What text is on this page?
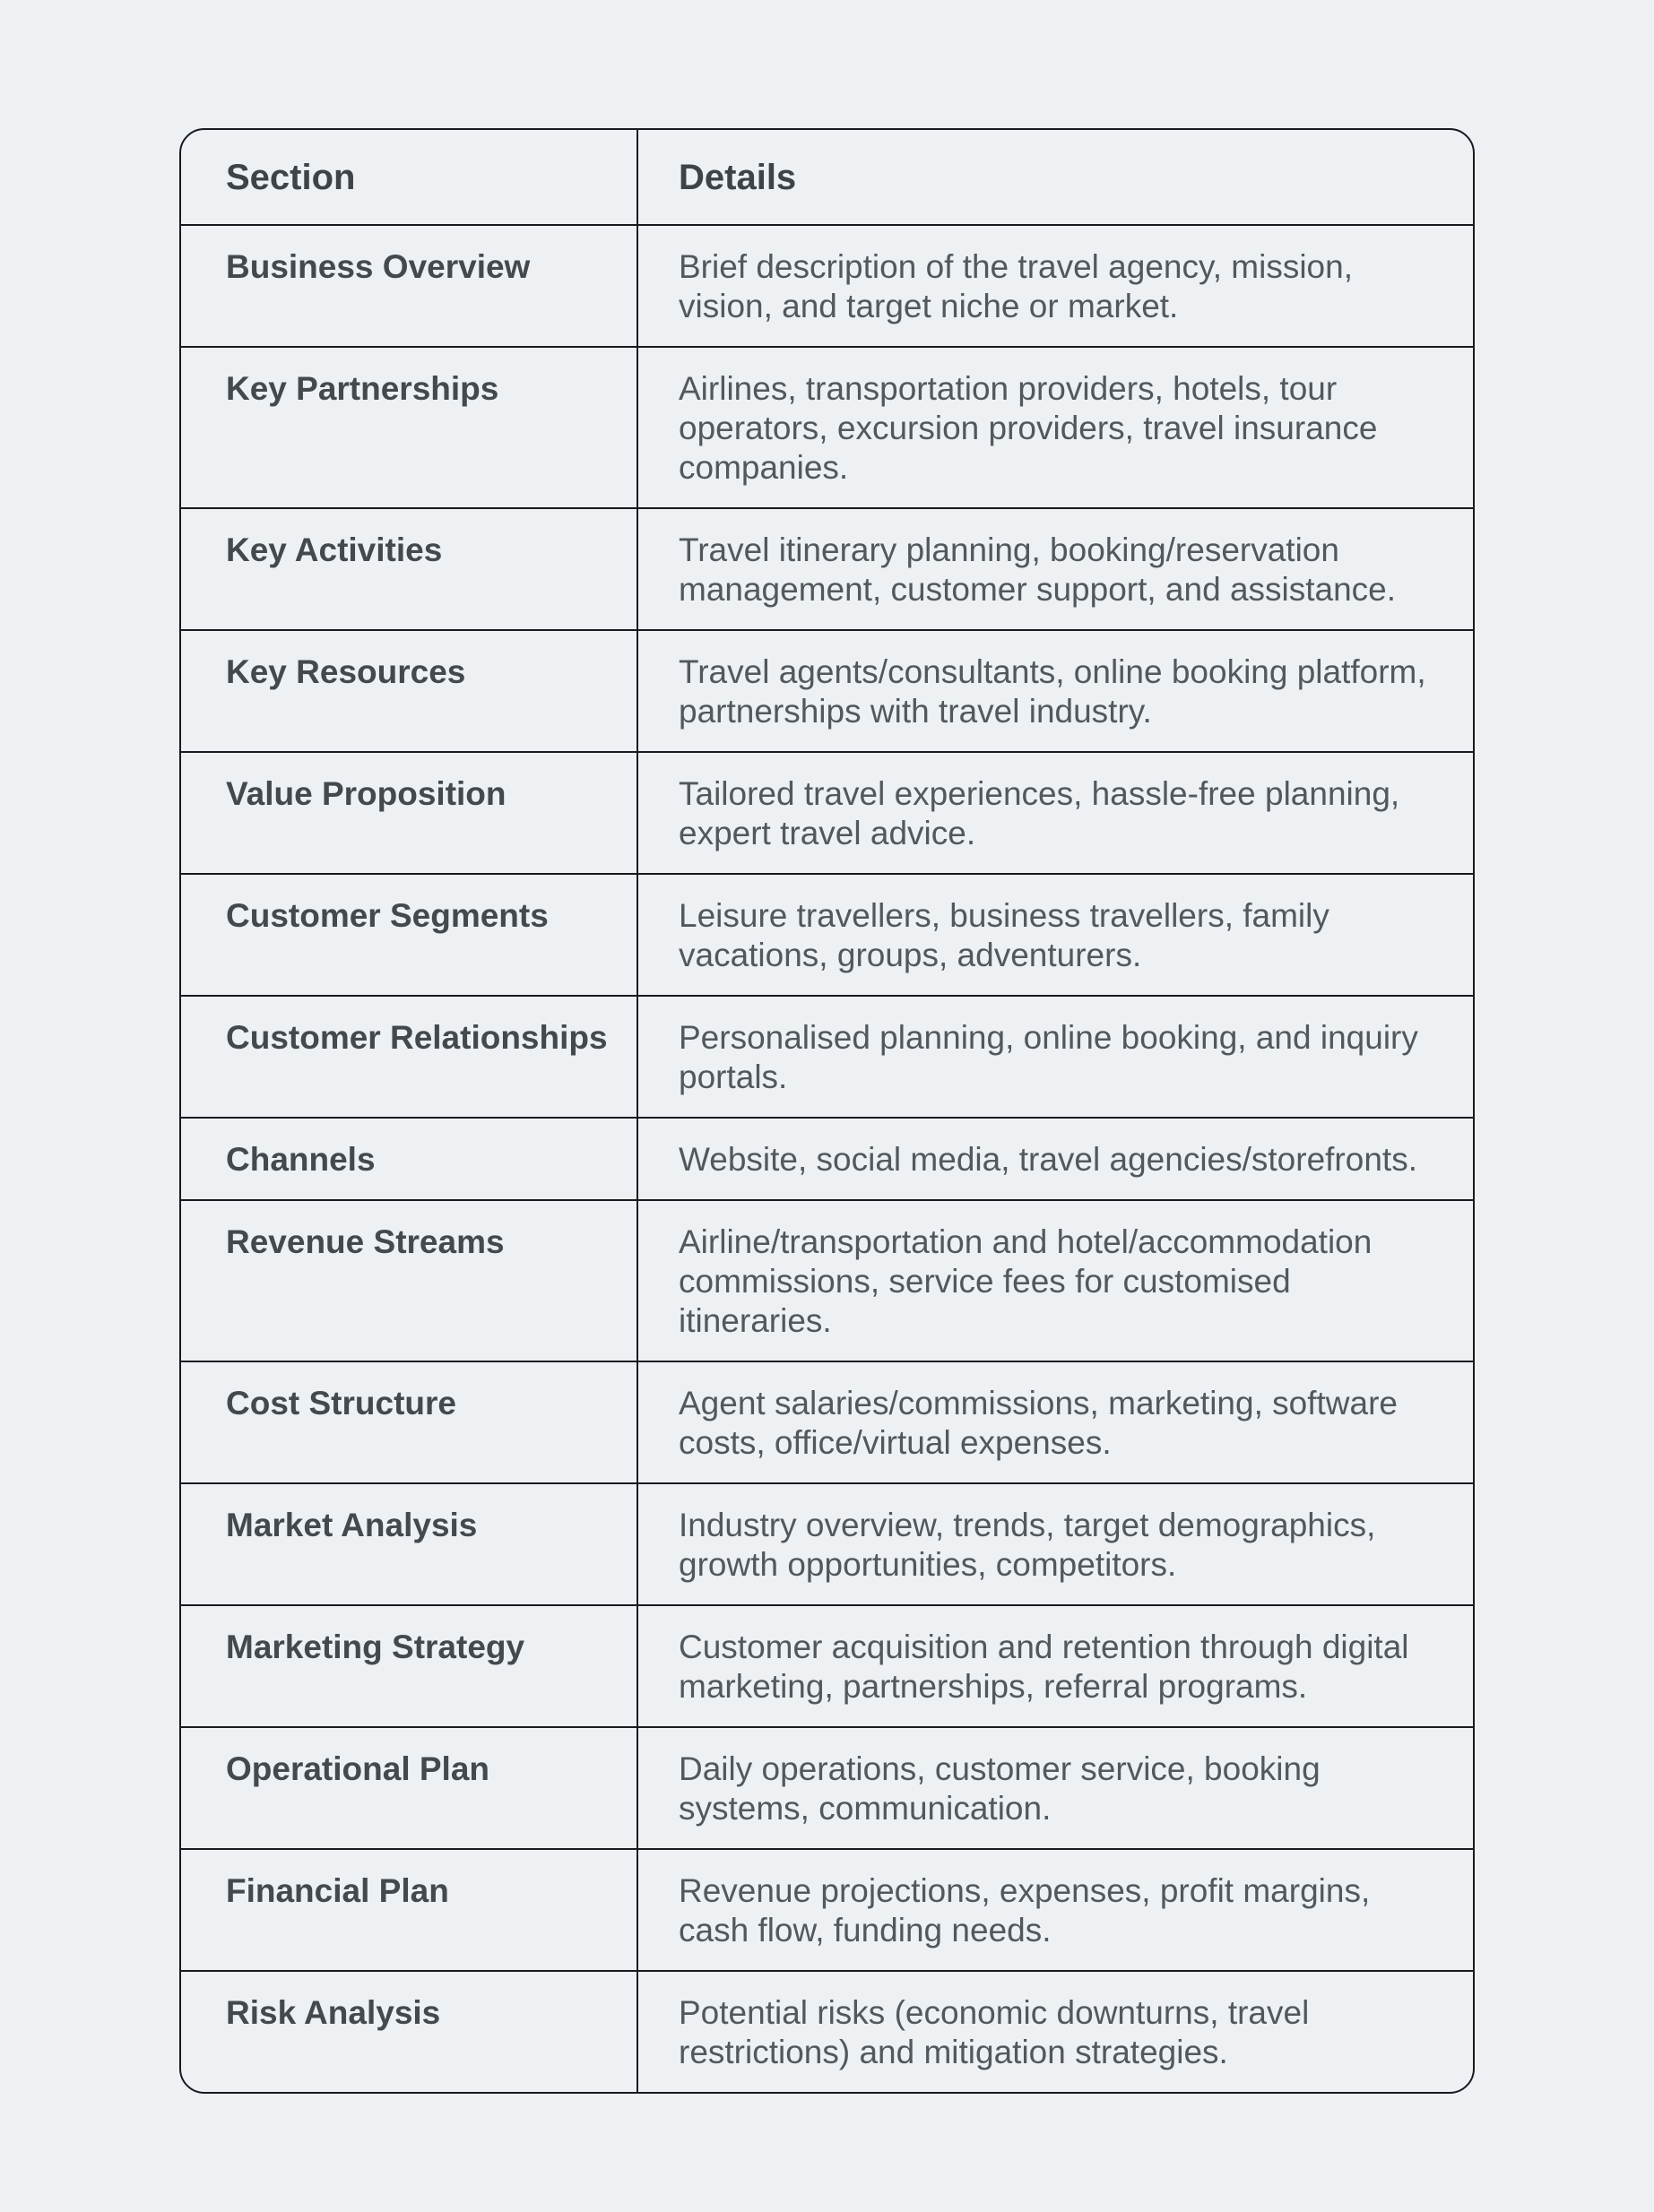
Section	Details
Business Overview	Brief description of the travel agency, mission, vision, and target niche or market.
Key Partnerships	Airlines, transportation providers, hotels, tour operators, excursion providers, travel insurance companies.
Key Activities	Travel itinerary planning, booking/reservation management, customer support, and assistance.
Key Resources	Travel agents/consultants, online booking platform, partnerships with travel industry.
Value Proposition	Tailored travel experiences, hassle-free planning, expert travel advice.
Customer Segments	Leisure travellers, business travellers, family vacations, groups, adventurers.
Customer Relationships	Personalised planning, online booking, and inquiry portals.
Channels	Website, social media, travel agencies/storefronts.
Revenue Streams	Airline/transportation and hotel/accommodation commissions, service fees for customised itineraries.
Cost Structure	Agent salaries/commissions, marketing, software costs, office/virtual expenses.
Market Analysis	Industry overview, trends, target demographics, growth opportunities, competitors.
Marketing Strategy	Customer acquisition and retention through digital marketing, partnerships, referral programs.
Operational Plan	Daily operations, customer service, booking systems, communication.
Financial Plan	Revenue projections, expenses, profit margins, cash flow, funding needs.
Risk Analysis	Potential risks (economic downturns, travel restrictions) and mitigation strategies.
